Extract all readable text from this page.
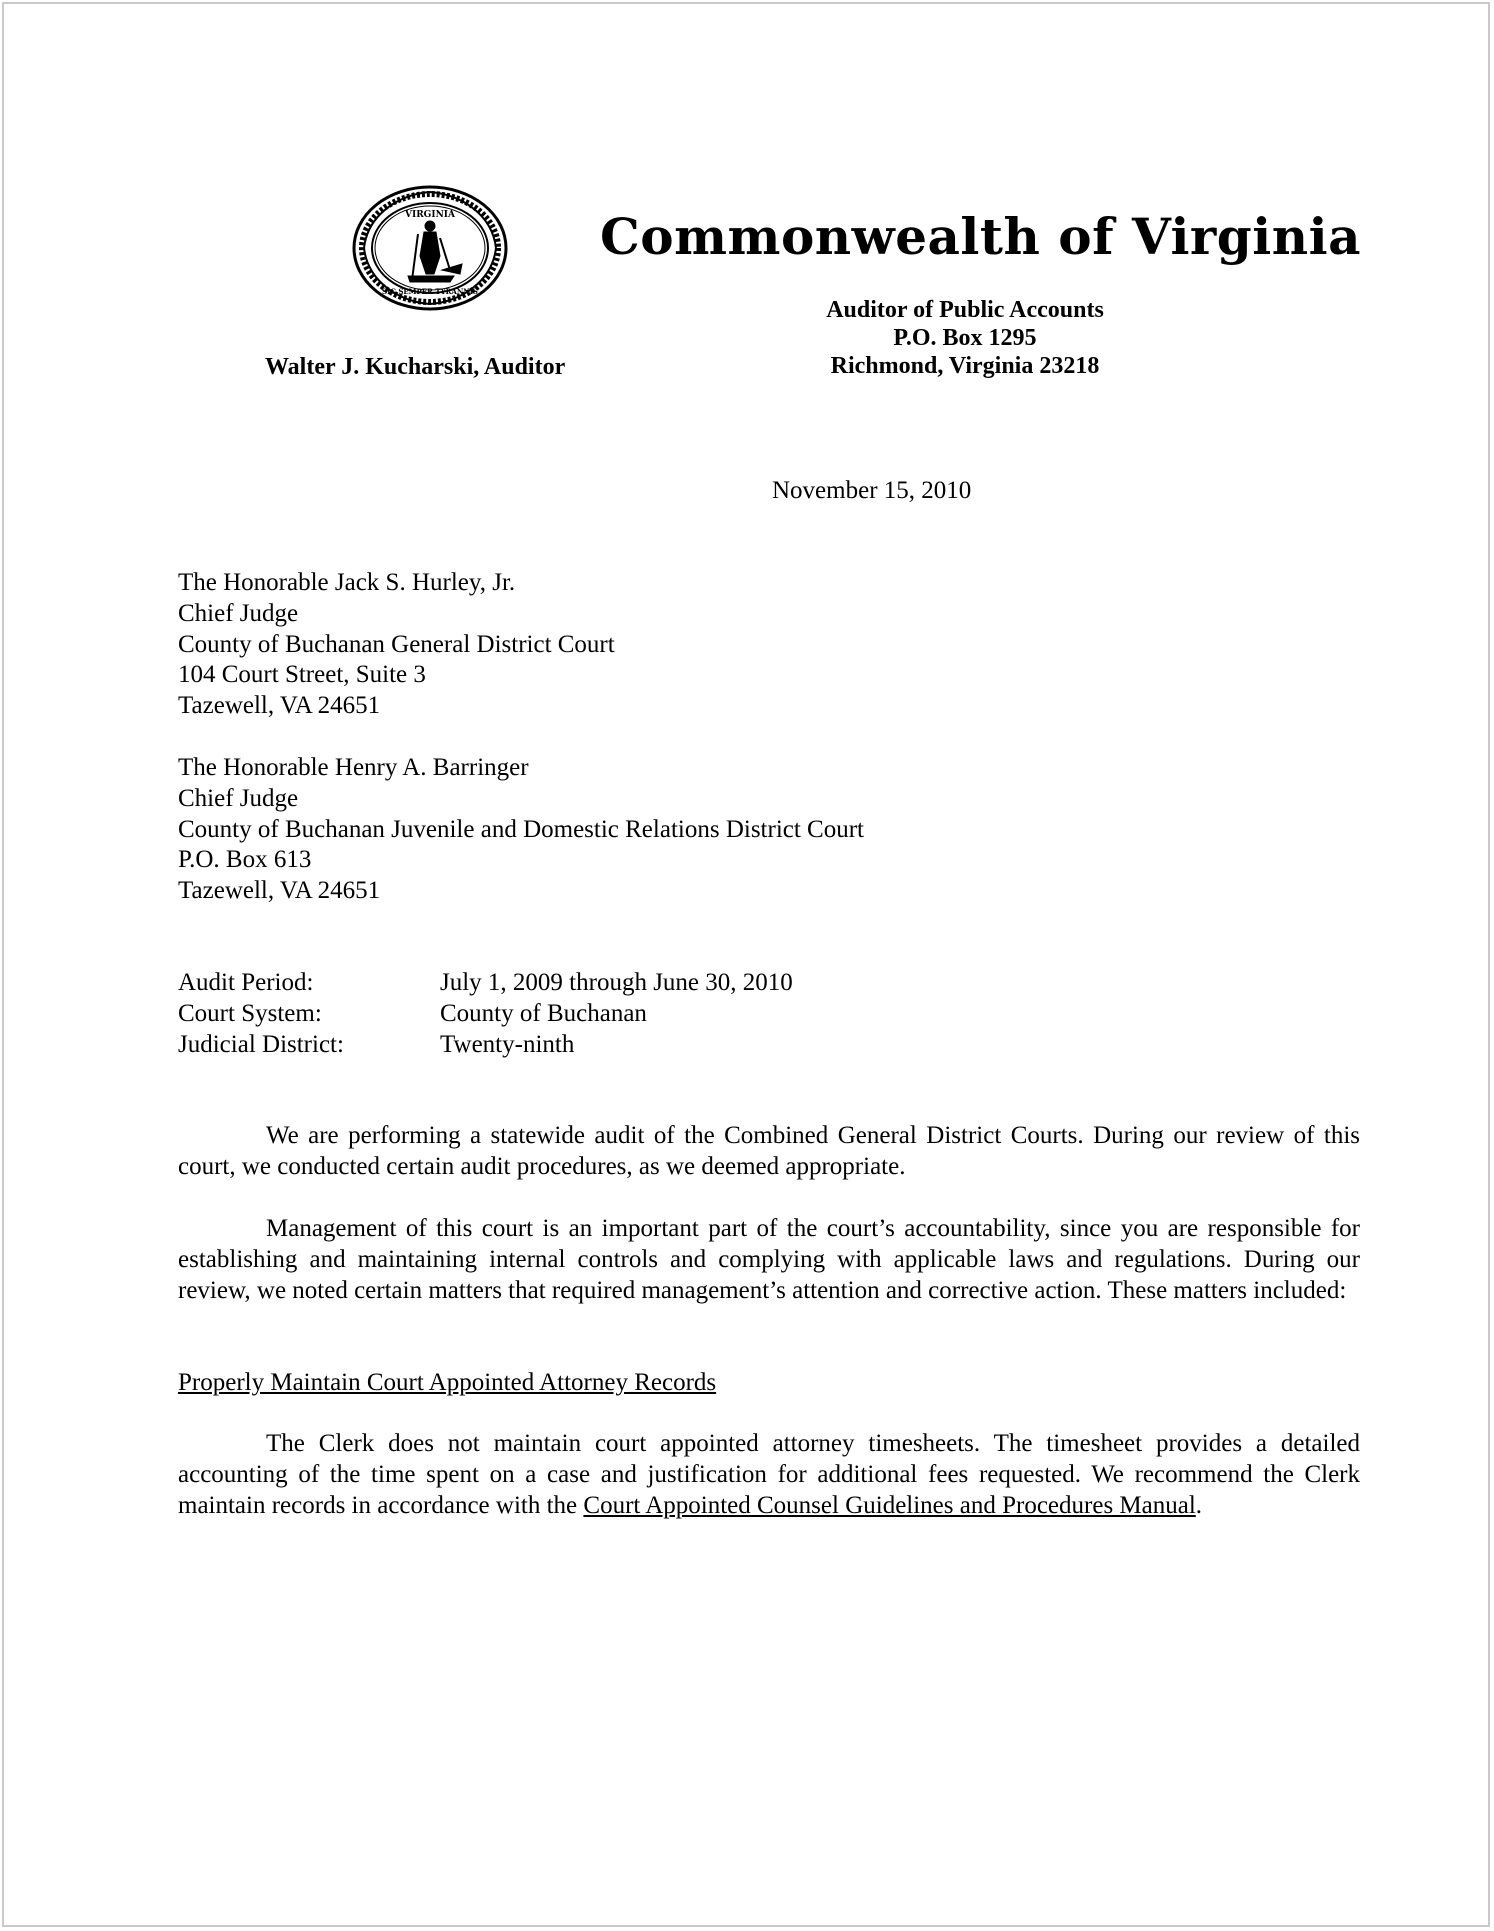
VIRGINIA
SIC SEMPER TYRANNIS
Commonwealth of Virginia
Auditor of Public Accounts
P.O. Box 1295
Richmond, Virginia 23218
Walter J. Kucharski, Auditor
November 15, 2010
The Honorable Jack S. Hurley, Jr.
Chief Judge
County of Buchanan General District Court
104 Court Street, Suite 3
Tazewell, VA 24651
The Honorable Henry A. Barringer
Chief Judge
County of Buchanan Juvenile and Domestic Relations District Court
P.O. Box 613
Tazewell, VA 24651
Audit Period:	July 1, 2009 through June 30, 2010
Court System:	County of Buchanan
Judicial District:	Twenty-ninth
We are performing a statewide audit of the Combined General District Courts. During our review of this court, we conducted certain audit procedures, as we deemed appropriate.
Management of this court is an important part of the court’s accountability, since you are responsible for establishing and maintaining internal controls and complying with applicable laws and regulations. During our review, we noted certain matters that required management’s attention and corrective action. These matters included:
Properly Maintain Court Appointed Attorney Records
The Clerk does not maintain court appointed attorney timesheets. The timesheet provides a detailed accounting of the time spent on a case and justification for additional fees requested. We recommend the Clerk maintain records in accordance with the Court Appointed Counsel Guidelines and Procedures Manual.
